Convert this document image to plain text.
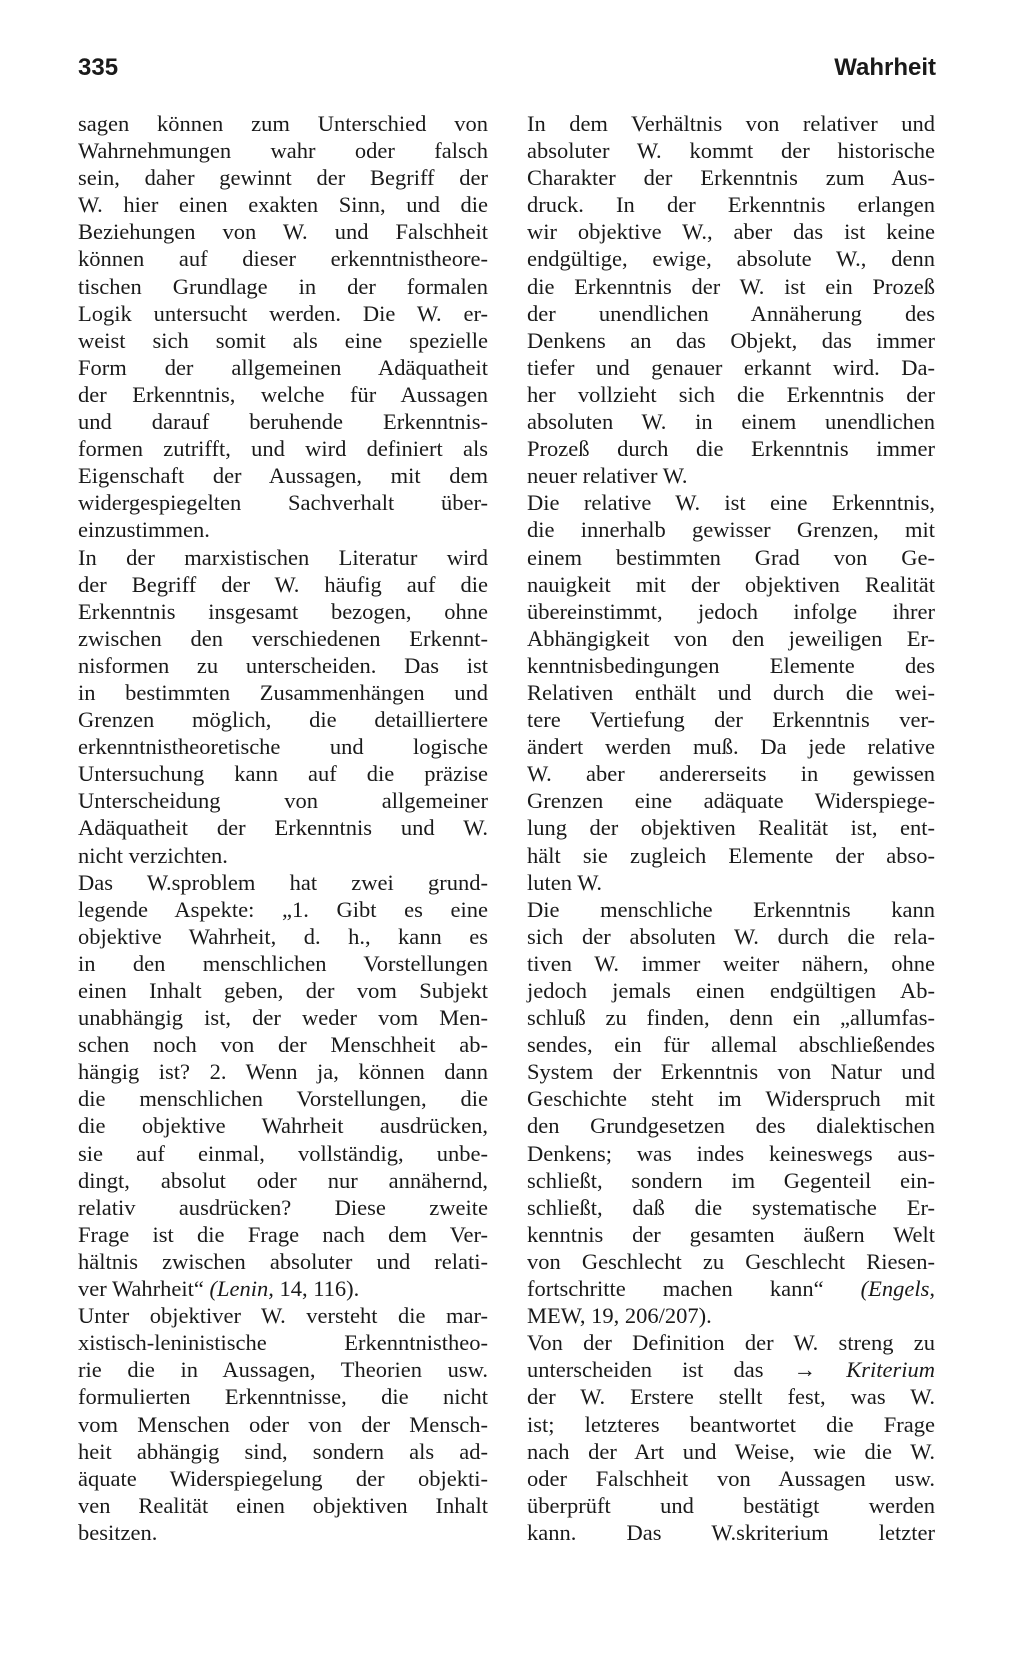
335	Wahrheit
sagen können zum Unterschied von
Wahrnehmungen wahr oder falsch
sein, daher gewinnt der Begriff der
W. hier einen exakten Sinn, und die
Beziehungen von W. und Falschheit
können auf dieser erkenntnistheore-
tischen Grundlage in der formalen
Logik untersucht werden. Die W. er-
weist sich somit als eine spezielle
Form der allgemeinen Adäquatheit
der Erkenntnis, welche für Aussagen
und darauf beruhende Erkenntnis-
formen zutrifft, und wird definiert als
Eigenschaft der Aussagen, mit dem
widergespiegelten Sachverhalt über-
einzustimmen.
In der marxistischen Literatur wird
der Begriff der W. häufig auf die
Erkenntnis insgesamt bezogen, ohne
zwischen den verschiedenen Erkennt-
nisformen zu unterscheiden. Das ist
in bestimmten Zusammenhängen und
Grenzen möglich, die detailliertere
erkenntnistheoretische und logische
Untersuchung kann auf die präzise
Unterscheidung von allgemeiner
Adäquatheit der Erkenntnis und W.
nicht verzichten.
Das W.sproblem hat zwei grund-
legende Aspekte: „1. Gibt es eine
objektive Wahrheit, d. h., kann es
in den menschlichen Vorstellungen
einen Inhalt geben, der vom Subjekt
unabhängig ist, der weder vom Men-
schen noch von der Menschheit ab-
hängig ist? 2. Wenn ja, können dann
die menschlichen Vorstellungen, die
die objektive Wahrheit ausdrücken,
sie auf einmal, vollständig, unbe-
dingt, absolut oder nur annähernd,
relativ ausdrücken? Diese zweite
Frage ist die Frage nach dem Ver-
hältnis zwischen absoluter und relati-
ver Wahrheit“ (Lenin, 14, 116).
Unter objektiver W. versteht die mar-
xistisch-leninistische Erkenntnistheo-
rie die in Aussagen, Theorien usw.
formulierten Erkenntnisse, die nicht
vom Menschen oder von der Mensch-
heit abhängig sind, sondern als ad-
äquate Widerspiegelung der objekti-
ven Realität einen objektiven Inhalt
besitzen.
In dem Verhältnis von relativer und
absoluter W. kommt der historische
Charakter der Erkenntnis zum Aus-
druck. In der Erkenntnis erlangen
wir objektive W., aber das ist keine
endgültige, ewige, absolute W., denn
die Erkenntnis der W. ist ein Prozeß
der unendlichen Annäherung des
Denkens an das Objekt, das immer
tiefer und genauer erkannt wird. Da-
her vollzieht sich die Erkenntnis der
absoluten W. in einem unendlichen
Prozeß durch die Erkenntnis immer
neuer relativer W.
Die relative W. ist eine Erkenntnis,
die innerhalb gewisser Grenzen, mit
einem bestimmten Grad von Ge-
nauigkeit mit der objektiven Realität
übereinstimmt, jedoch infolge ihrer
Abhängigkeit von den jeweiligen Er-
kenntnisbedingungen Elemente des
Relativen enthält und durch die wei-
tere Vertiefung der Erkenntnis ver-
ändert werden muß. Da jede relative
W. aber andererseits in gewissen
Grenzen eine adäquate Widerspiege-
lung der objektiven Realität ist, ent-
hält sie zugleich Elemente der abso-
luten W.
Die menschliche Erkenntnis kann
sich der absoluten W. durch die rela-
tiven W. immer weiter nähern, ohne
jedoch jemals einen endgültigen Ab-
schluß zu finden, denn ein „allumfas-
sendes, ein für allemal abschließendes
System der Erkenntnis von Natur und
Geschichte steht im Widerspruch mit
den Grundgesetzen des dialektischen
Denkens; was indes keineswegs aus-
schließt, sondern im Gegenteil ein-
schließt, daß die systematische Er-
kenntnis der gesamten äußern Welt
von Geschlecht zu Geschlecht Riesen-
fortschritte machen kann“ (Engels,
MEW, 19, 206/207).
Von der Definition der W. streng zu
unterscheiden ist das → Kriterium
der W. Erstere stellt fest, was W.
ist; letzteres beantwortet die Frage
nach der Art und Weise, wie die W.
oder Falschheit von Aussagen usw.
überprüft und bestätigt werden
kann. Das W.skriterium letzter
